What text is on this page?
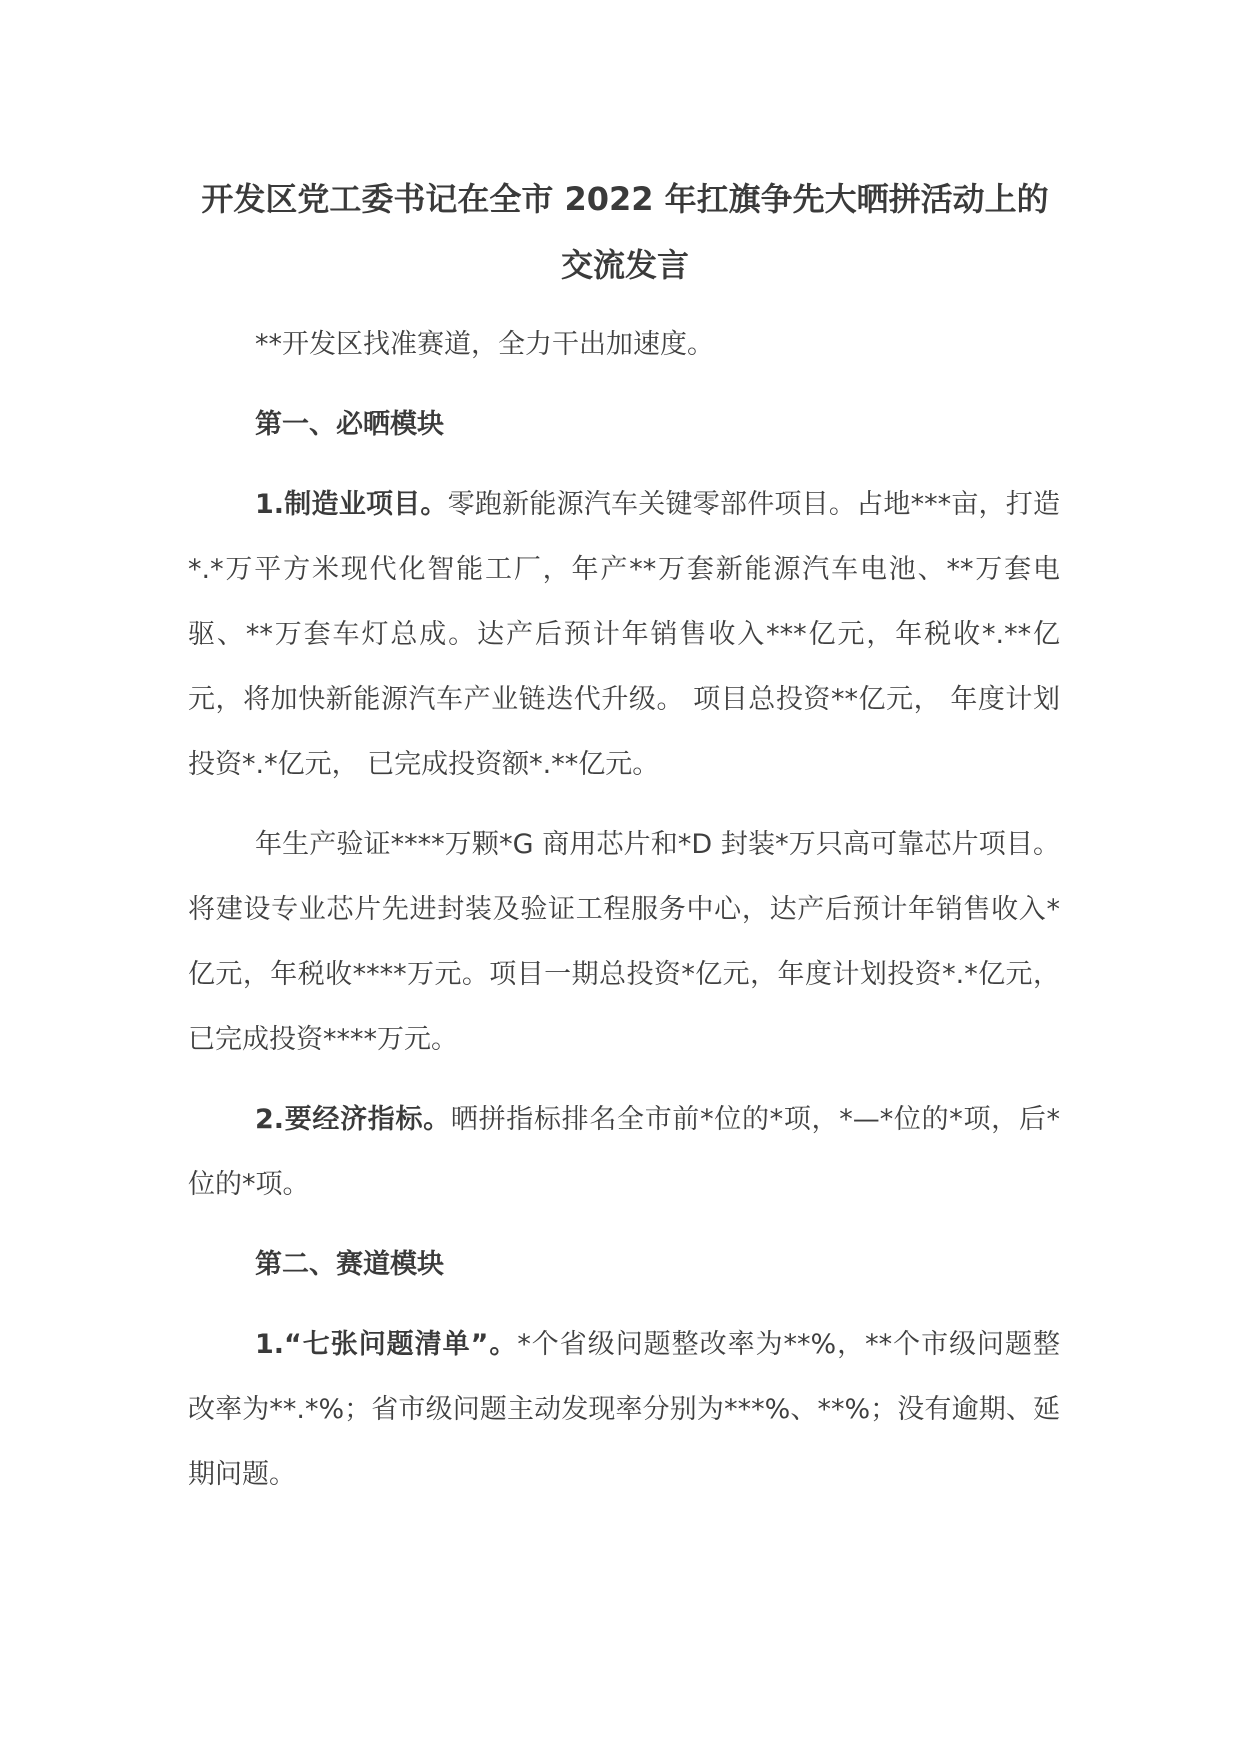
开发区党工委书记在全市 2022 年扛旗争先大晒拼活动上的交流发言

**开发区找准赛道，全力干出加速度。

第一、必晒模块

1.制造业项目。零跑新能源汽车关键零部件项目。占地***亩，打造*.*万平方米现代化智能工厂，年产**万套新能源汽车电池、**万套电驱、**万套车灯总成。达产后预计年销售收入***亿元，年税收*.**亿元，将加快新能源汽车产业链迭代升级。 项目总投资**亿元， 年度计划投资*.*亿元， 已完成投资额*.**亿元。

年生产验证****万颗*G 商用芯片和*D 封装*万只高可靠芯片项目。将建设专业芯片先进封装及验证工程服务中心，达产后预计年销售收入*亿元，年税收****万元。项目一期总投资*亿元，年度计划投资*.*亿元，已完成投资****万元。

2.要经济指标。晒拼指标排名全市前*位的*项，*—*位的*项，后*位的*项。

第二、赛道模块

1.“七张问题清单”。*个省级问题整改率为**%，**个市级问题整改率为**.*%；省市级问题主动发现率分别为***%、**%；没有逾期、延期问题。
